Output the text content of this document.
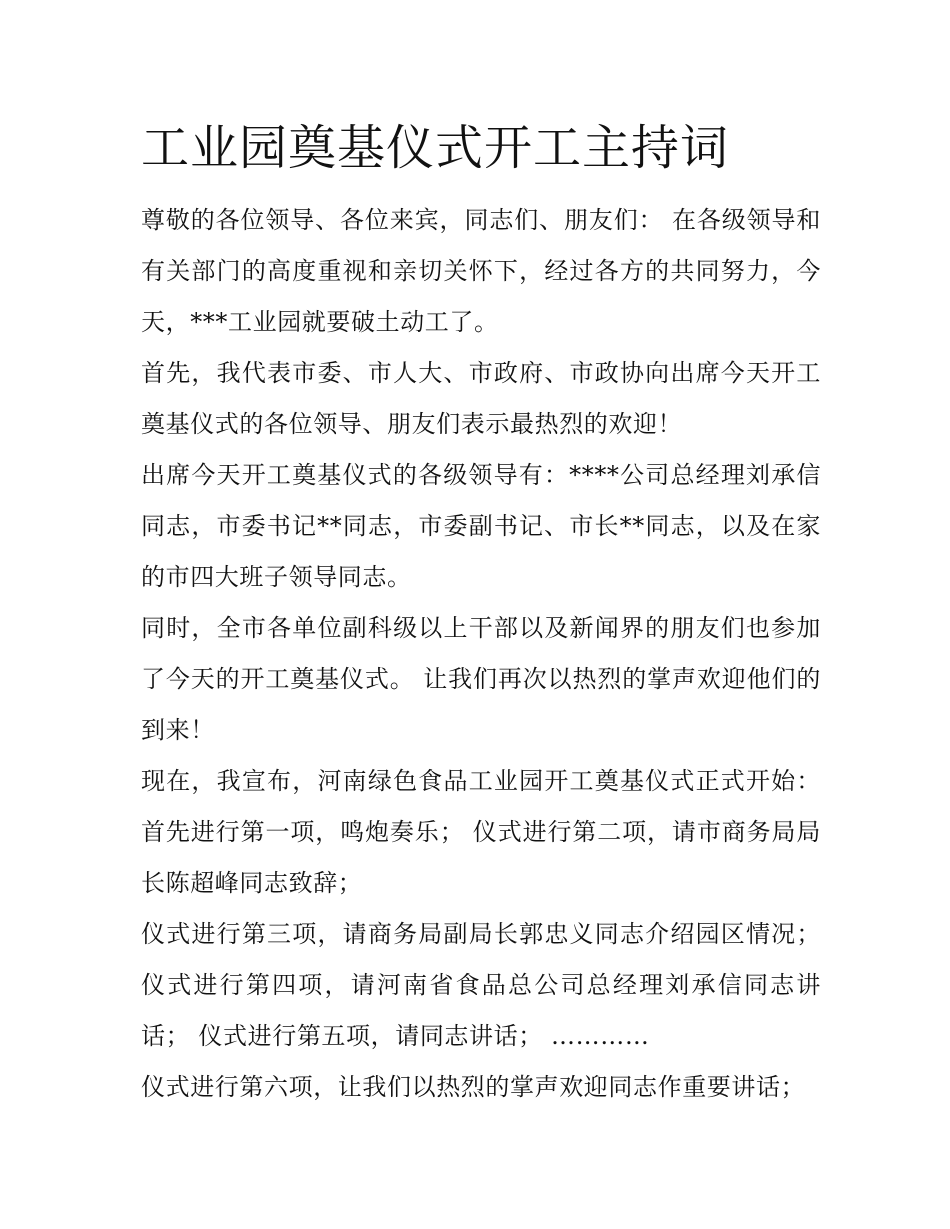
工业园奠基仪式开工主持词

尊敬的各位领导、各位来宾，同志们、朋友们： 在各级领导和有关部门的高度重视和亲切关怀下，经过各方的共同努力，今天，***工业园就要破土动工了。

首先，我代表市委、市人大、市政府、市政协向出席今天开工奠基仪式的各位领导、朋友们表示最热烈的欢迎！

出席今天开工奠基仪式的各级领导有：****公司总经理刘承信同志，市委书记**同志，市委副书记、市长**同志，以及在家的市四大班子领导同志。

同时，全市各单位副科级以上干部以及新闻界的朋友们也参加了今天的开工奠基仪式。 让我们再次以热烈的掌声欢迎他们的到来！

现在，我宣布，河南绿色食品工业园开工奠基仪式正式开始：首先进行第一项，鸣炮奏乐； 仪式进行第二项，请市商务局局长陈超峰同志致辞；

仪式进行第三项，请商务局副局长郭忠义同志介绍园区情况；仪式进行第四项，请河南省食品总公司总经理刘承信同志讲话； 仪式进行第五项，请同志讲话； …………

仪式进行第六项，让我们以热烈的掌声欢迎同志作重要讲话；
